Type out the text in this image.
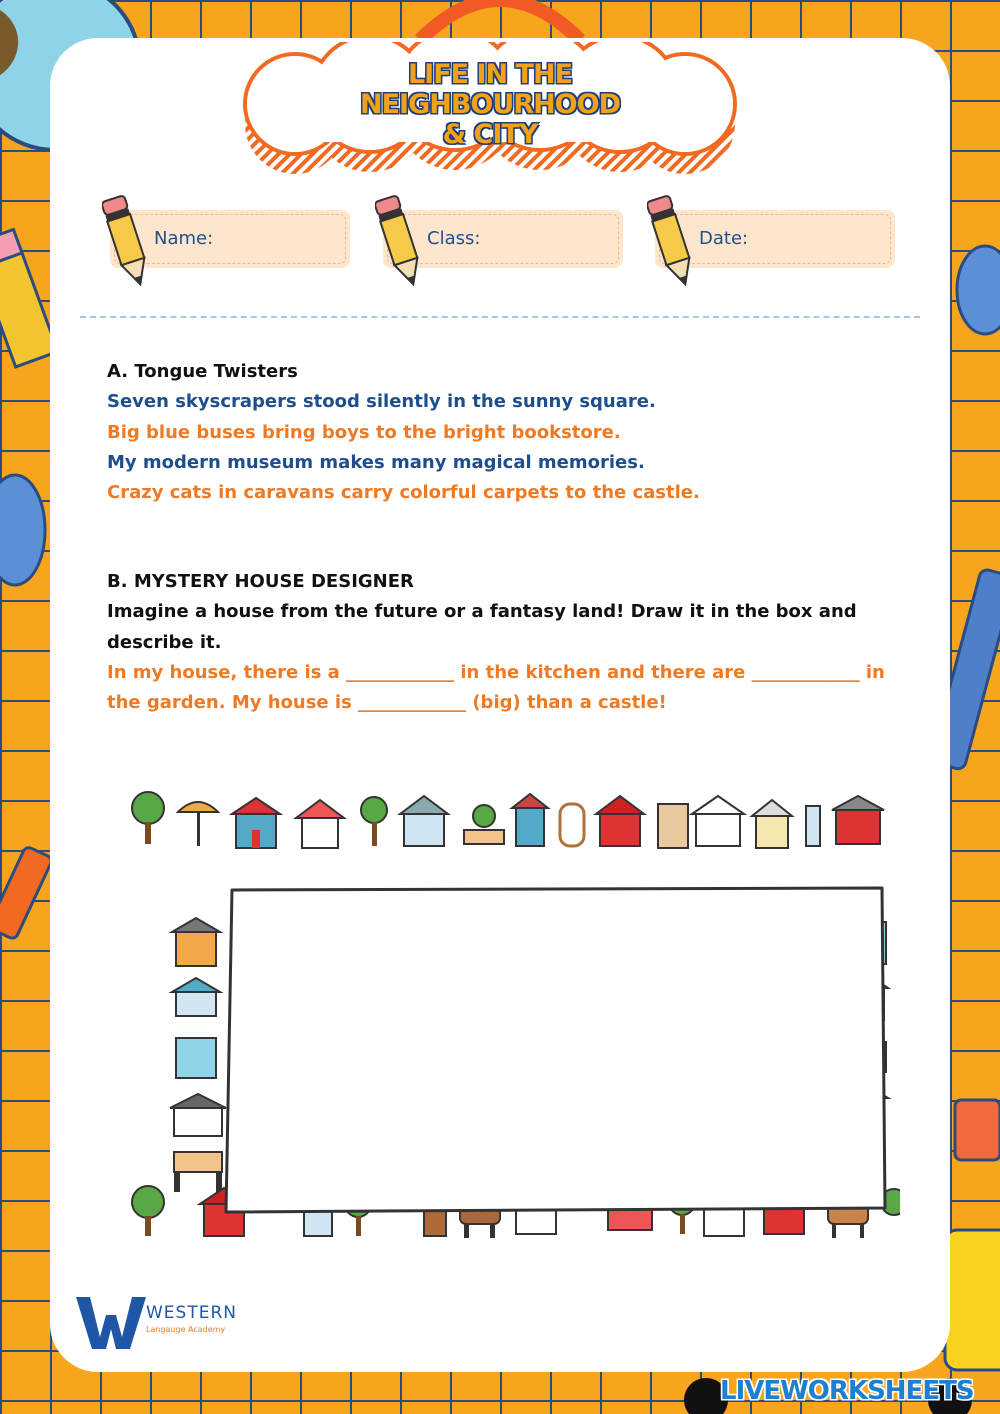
LIFE IN THE
NEIGHBOURHOOD
& CITY
Name:	Class:	Date:
A. Tongue Twisters
Seven skyscrapers stood silently in the sunny square.
Big blue buses bring boys to the bright bookstore.
My modern museum makes many magical memories.
Crazy cats in caravans carry colorful carpets to the castle.
B. MYSTERY HOUSE DESIGNER
Imagine a house from the future or a fantasy land! Draw it in the box and describe it.
In my house, there is a ____________ in the kitchen and there are ____________ in the garden. My house is ____________ (big) than a castle!
WESTERN
Langauge Academy
LIVEWORKSHEETS
